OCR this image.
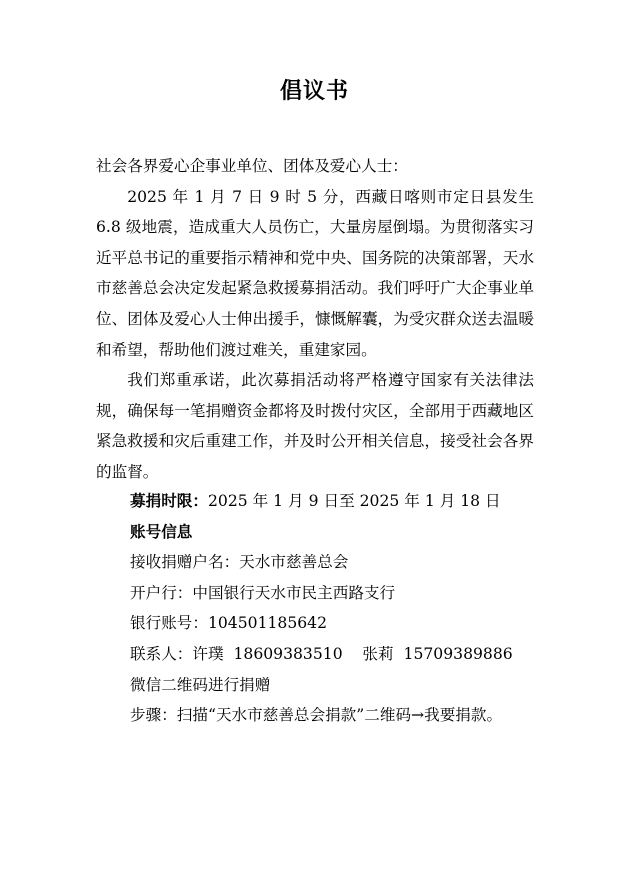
倡议书

社会各界爱心企事业单位、团体及爱心人士：

2025 年 1 月 7 日 9 时 5 分，西藏日喀则市定日县发生 6.8 级地震，造成重大人员伤亡，大量房屋倒塌。为贯彻落实习近平总书记的重要指示精神和党中央、国务院的决策部署，天水市慈善总会决定发起紧急救援募捐活动。我们呼吁广大企事业单位、团体及爱心人士伸出援手，慷慨解囊，为受灾群众送去温暖和希望，帮助他们渡过难关，重建家园。

我们郑重承诺，此次募捐活动将严格遵守国家有关法律法规，确保每一笔捐赠资金都将及时拨付灾区，全部用于西藏地区紧急救援和灾后重建工作，并及时公开相关信息，接受社会各界的监督。

募捐时限：2025 年 1 月 9 日至 2025 年 1 月 18 日
账号信息
接收捐赠户名：天水市慈善总会
开户行：中国银行天水市民主西路支行
银行账号：104501185642
联系人：许璞  18609383510    张莉  15709389886
微信二维码进行捐赠
步骤：扫描“天水市慈善总会捐款”二维码→我要捐款。
